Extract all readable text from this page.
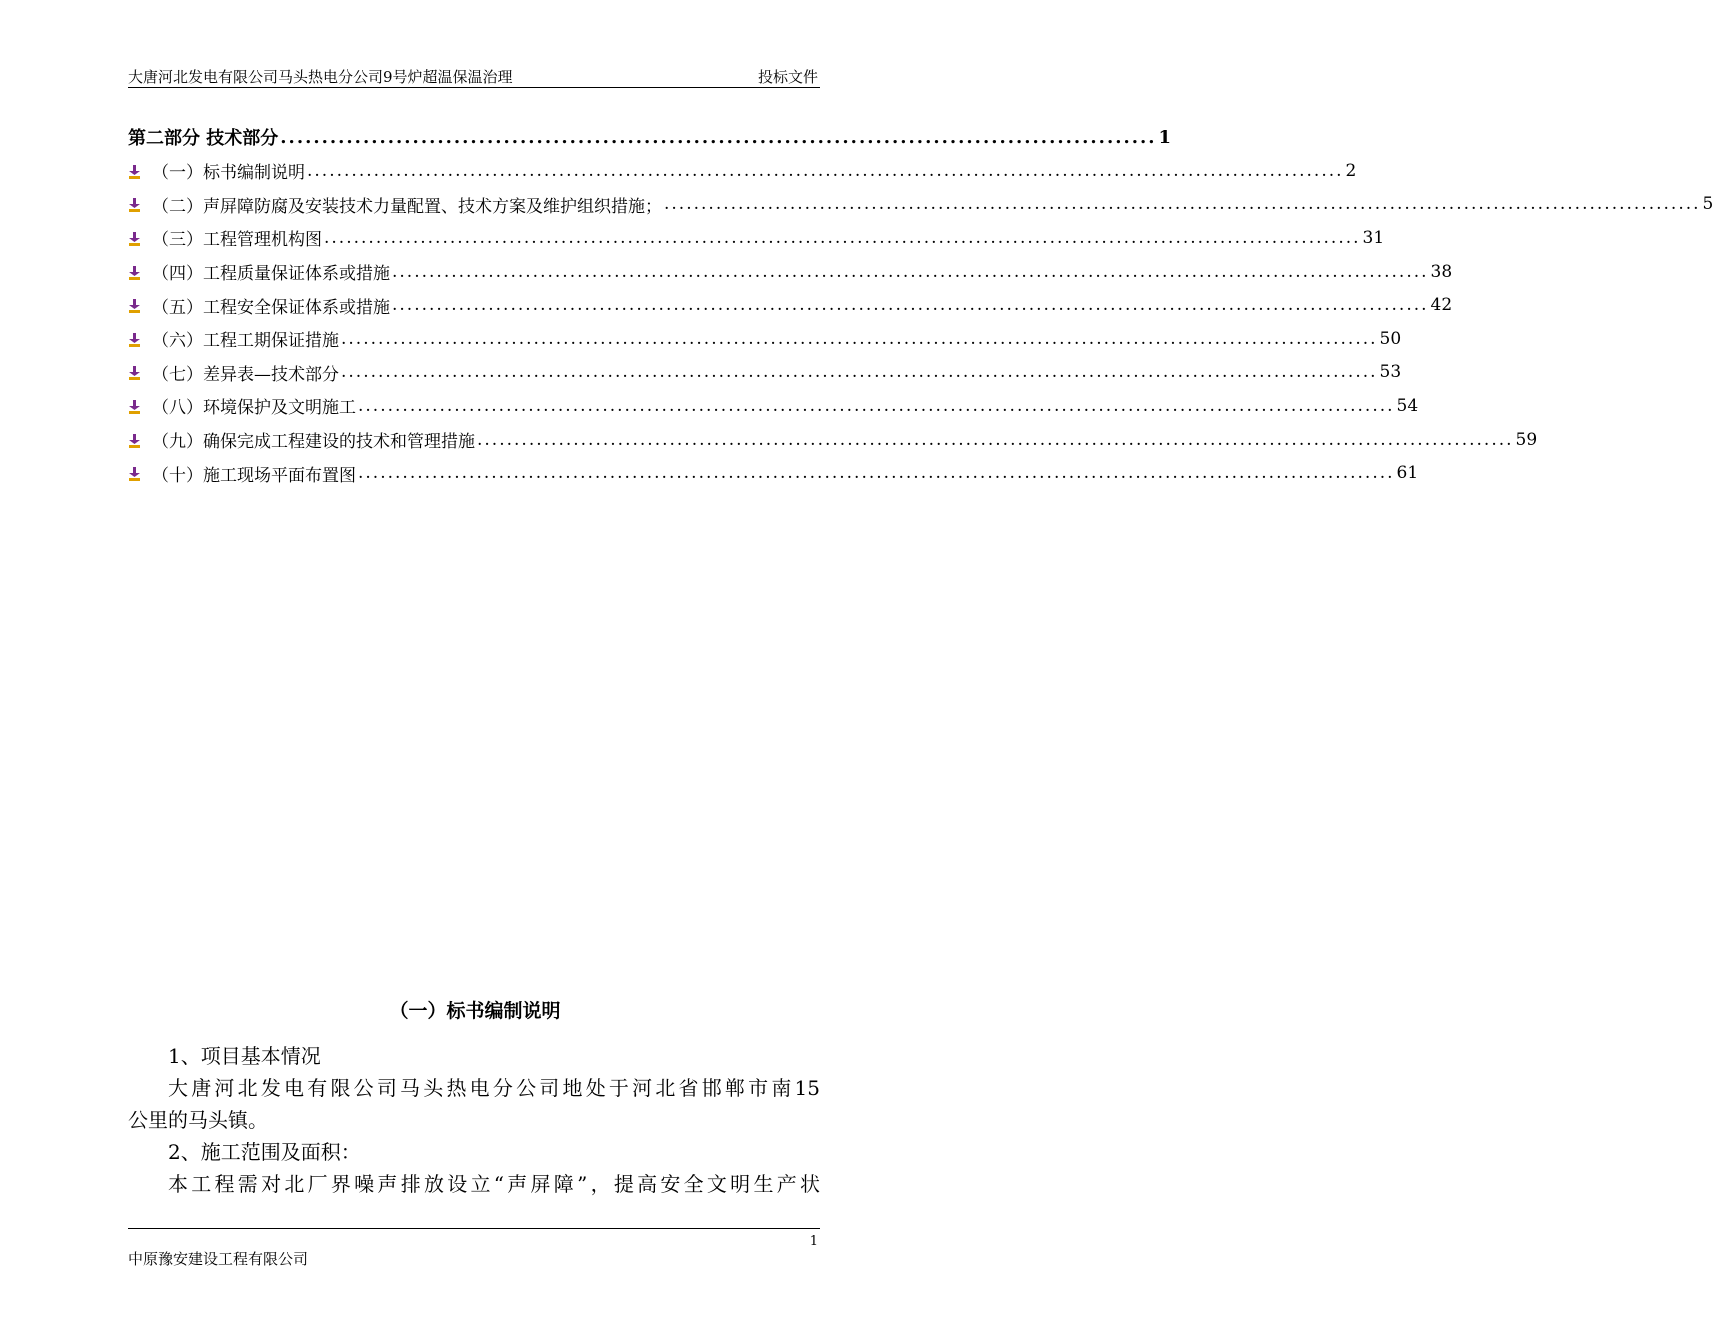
大唐河北发电有限公司马头热电分公司9号炉超温保温治理	投标文件
第二部分 技术部分 .......................................................................................................... 1
（一）标书编制说明 ............................................................................................................................................ 2
（二）声屏障防腐及安装技术力量配置、技术方案及维护组织措施； ............................................................................................................................................ 5
（三）工程管理机构图 ............................................................................................................................................ 31
（四）工程质量保证体系或措施 ............................................................................................................................................ 38
（五）工程安全保证体系或措施 ............................................................................................................................................ 42
（六）工程工期保证措施 ............................................................................................................................................ 50
（七）差异表—技术部分 ............................................................................................................................................ 53
（八）环境保护及文明施工 ............................................................................................................................................ 54
（九）确保完成工程建设的技术和管理措施 ............................................................................................................................................ 59
（十）施工现场平面布置图 ............................................................................................................................................ 61
（一）标书编制说明

1、项目基本情况

大唐河北发电有限公司马头热电分公司地处于河北省邯郸市南15

公里的马头镇。

2、施工范围及面积：

本工程需对北厂界噪声排放设立“声屏障”，提高安全文明生产状

1
中原豫安建设工程有限公司
